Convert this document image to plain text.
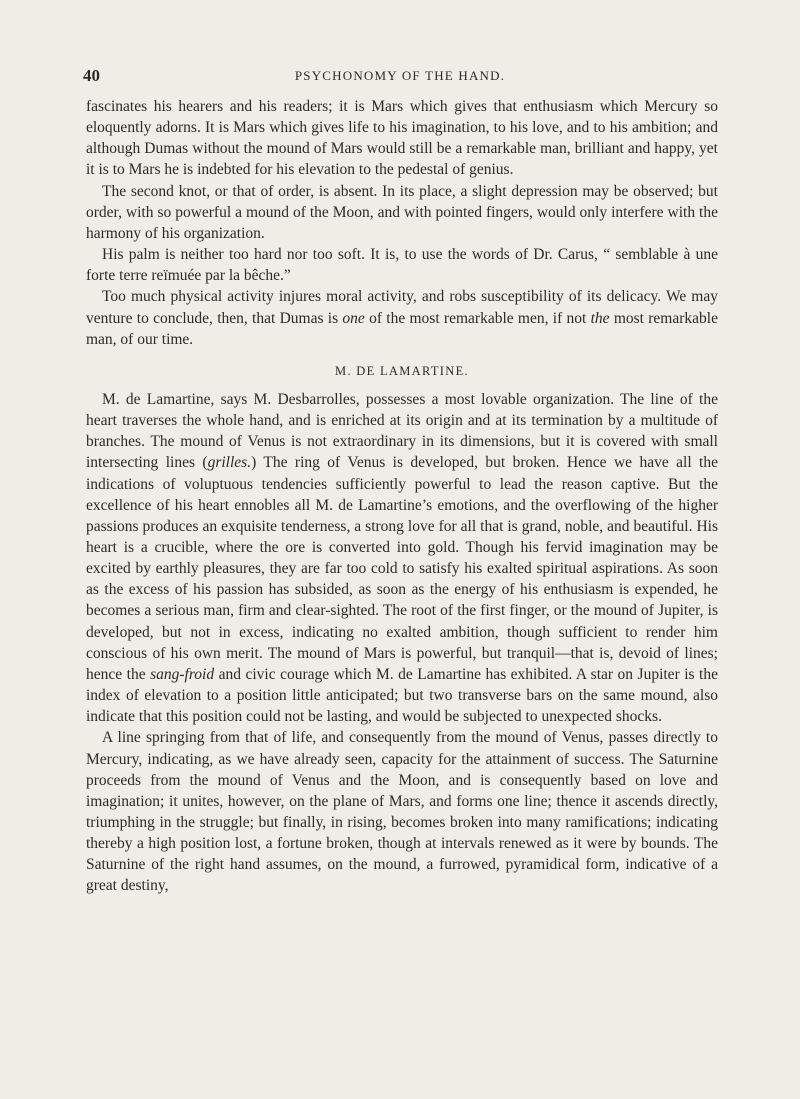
40	PSYCHONOMY OF THE HAND.

fascinates his hearers and his readers; it is Mars which gives that enthusiasm which Mercury so eloquently adorns. It is Mars which gives life to his imagination, to his love, and to his ambition; and although Dumas without the mound of Mars would still be a remarkable man, brilliant and happy, yet it is to Mars he is indebted for his elevation to the pedestal of genius.

The second knot, or that of order, is absent. In its place, a slight depression may be observed; but order, with so powerful a mound of the Moon, and with pointed fingers, would only interfere with the harmony of his organization.

His palm is neither too hard nor too soft. It is, to use the words of Dr. Carus, “ semblable à une forte terre reïmuée par la bêche.”

Too much physical activity injures moral activity, and robs susceptibility of its delicacy. We may venture to conclude, then, that Dumas is one of the most remarkable men, if not the most remarkable man, of our time.

M. DE LAMARTINE.

M. de Lamartine, says M. Desbarrolles, possesses a most lovable organization. The line of the heart traverses the whole hand, and is enriched at its origin and at its termination by a multitude of branches. The mound of Venus is not extraordinary in its dimensions, but it is covered with small intersecting lines (grilles.) The ring of Venus is developed, but broken. Hence we have all the indications of voluptuous tendencies sufficiently powerful to lead the reason captive. But the excellence of his heart ennobles all M. de Lamartine’s emotions, and the overflowing of the higher passions produces an exquisite tenderness, a strong love for all that is grand, noble, and beautiful. His heart is a crucible, where the ore is converted into gold. Though his fervid imagination may be excited by earthly pleasures, they are far too cold to satisfy his exalted spiritual aspirations. As soon as the excess of his passion has subsided, as soon as the energy of his enthusiasm is expended, he becomes a serious man, firm and clear-sighted. The root of the first finger, or the mound of Jupiter, is developed, but not in excess, indicating no exalted ambition, though sufficient to render him conscious of his own merit. The mound of Mars is powerful, but tranquil—that is, devoid of lines; hence the sang-froid and civic courage which M. de Lamartine has exhibited. A star on Jupiter is the index of elevation to a position little anticipated; but two transverse bars on the same mound, also indicate that this position could not be lasting, and would be subjected to unexpected shocks.

A line springing from that of life, and consequently from the mound of Venus, passes directly to Mercury, indicating, as we have already seen, capacity for the attainment of success. The Saturnine proceeds from the mound of Venus and the Moon, and is consequently based on love and imagination; it unites, however, on the plane of Mars, and forms one line; thence it ascends directly, triumphing in the struggle; but finally, in rising, becomes broken into many ramifications; indicating thereby a high position lost, a fortune broken, though at intervals renewed as it were by bounds. The Saturnine of the right hand assumes, on the mound, a furrowed, pyramidical form, indicative of a great destiny,
